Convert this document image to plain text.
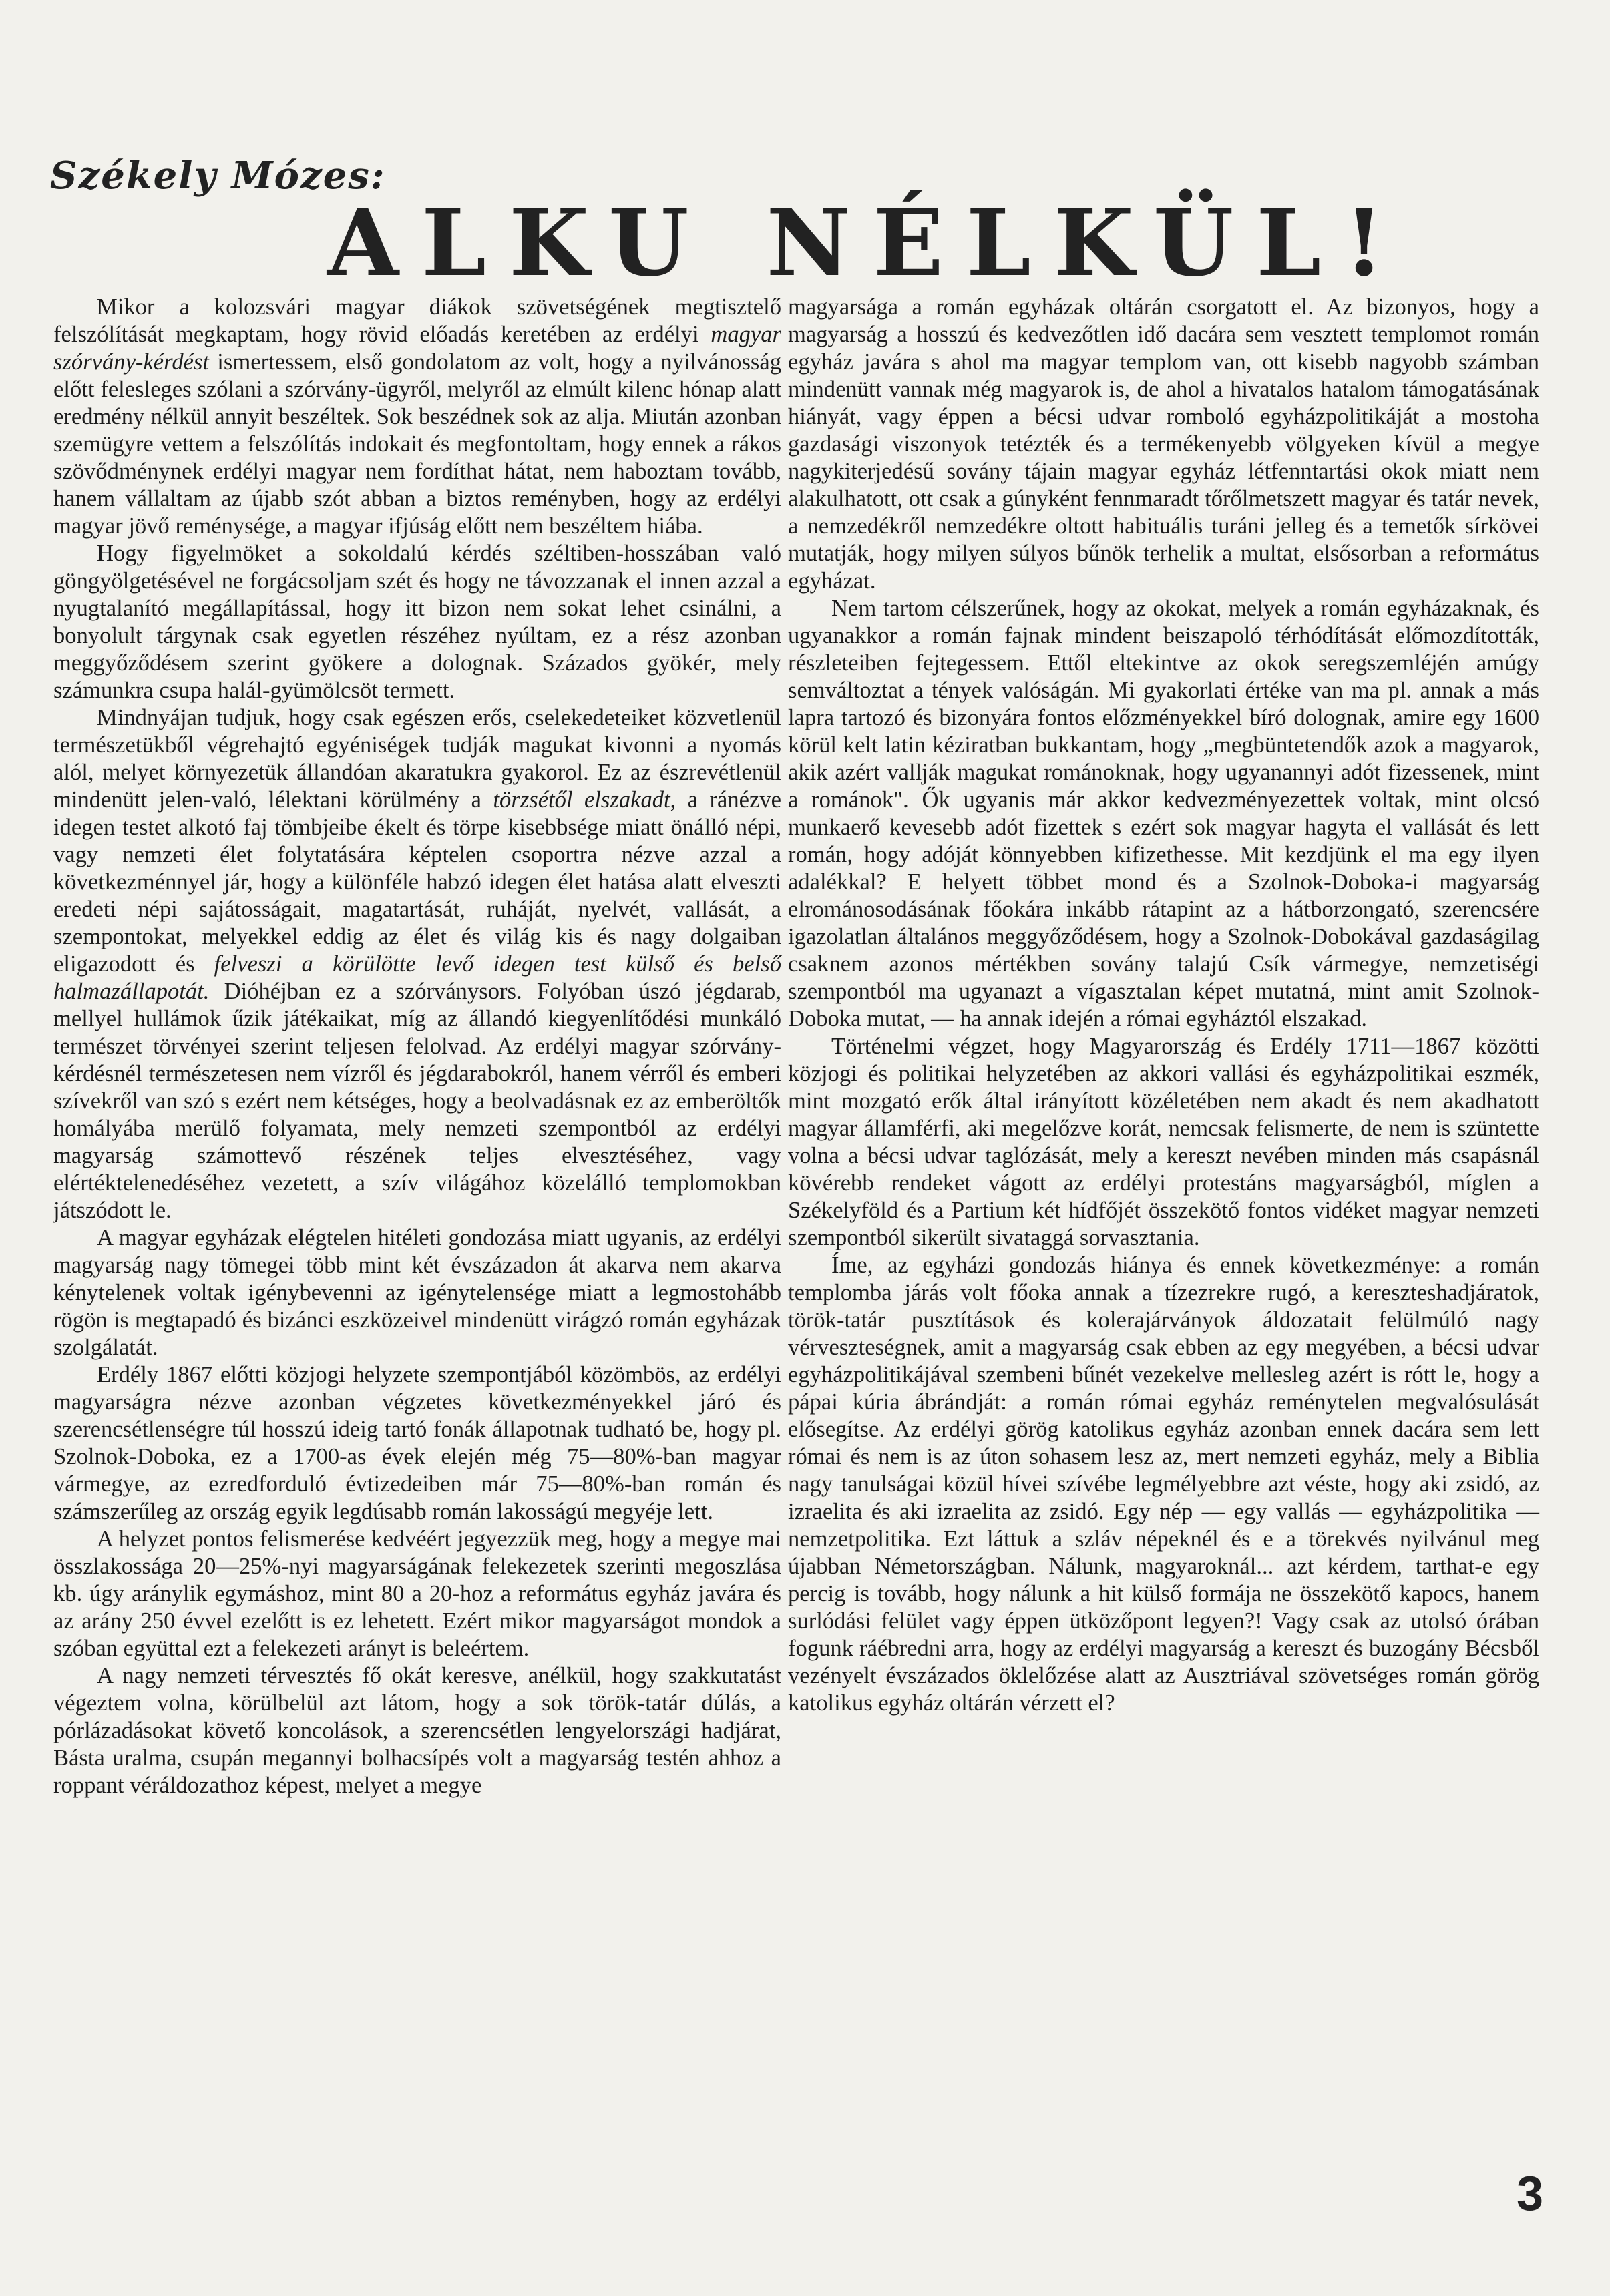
Székely Mózes:
ALKU NÉLKÜL!

Mikor a kolozsvári magyar diákok szövetségének megtisztelő felszólítását megkaptam, hogy rövid előadás keretében az erdélyi magyar szórvány-kérdést ismertessem, első gondolatom az volt, hogy a nyilvánosság előtt felesleges szólani a szórvány-ügyről, melyről az elmúlt kilenc hónap alatt eredmény nélkül annyit beszéltek. Sok beszédnek sok az alja. Miután azonban szemügyre vettem a felszólítás indokait és megfontoltam, hogy ennek a rákos szövődménynek erdélyi magyar nem fordíthat hátat, nem haboztam tovább, hanem vállaltam az újabb szót abban a biztos reményben, hogy az erdélyi magyar jövő reménysége, a magyar ifjúság előtt nem beszéltem hiába.

Hogy figyelmöket a sokoldalú kérdés széltiben-hosszában való göngyölgetésével ne forgácsoljam szét és hogy ne távozzanak el innen azzal a nyugtalanító megállapítással, hogy itt bizon nem sokat lehet csinálni, a bonyolult tárgynak csak egyetlen részéhez nyúltam, ez a rész azonban meggyőződésem szerint gyökere a dolognak. Százados gyökér, mely számunkra csupa halál-gyümölcsöt termett.

Mindnyájan tudjuk, hogy csak egészen erős, cselekedeteiket közvetlenül természetükből végrehajtó egyéniségek tudják magukat kivonni a nyomás alól, melyet környezetük állandóan akaratukra gyakorol. Ez az észrevétlenül mindenütt jelen-való, lélektani körülmény a törzsétől elszakadt, a ránézve idegen testet alkotó faj tömbjeibe ékelt és törpe kisebbsége miatt önálló népi, vagy nemzeti élet folytatására képtelen csoportra nézve azzal a következménnyel jár, hogy a különféle habzó idegen élet hatása alatt elveszti eredeti népi sajátosságait, magatartását, ruháját, nyelvét, vallását, a szempontokat, melyekkel eddig az élet és világ kis és nagy dolgaiban eligazodott és felveszi a körülötte levő idegen test külső és belső halmazállapotát. Dióhéjban ez a szórványsors. Folyóban úszó jégdarab, mellyel hullámok űzik játékaikat, míg az állandó kiegyenlítődési munkáló természet törvényei szerint teljesen felolvad. Az erdélyi magyar szórvány-kérdésnél természetesen nem vízről és jégdarabokról, hanem vérről és emberi szívekről van szó s ezért nem kétséges, hogy a beolvadásnak ez az emberöltők homályába merülő folyamata, mely nemzeti szempontból az erdélyi magyarság számottevő részének teljes elvesztéséhez, vagy elértéktelenedéséhez vezetett, a szív világához közelálló templomokban játszódott le.

A magyar egyházak elégtelen hitéleti gondozása miatt ugyanis, az erdélyi magyarság nagy tömegei több mint két évszázadon át akarva nem akarva kénytelenek voltak igénybevenni az igénytelensége miatt a legmostohább rögön is megtapadó és bizánci eszközeivel mindenütt virágzó román egyházak szolgálatát.

Erdély 1867 előtti közjogi helyzete szempontjából közömbös, az erdélyi magyarságra nézve azonban végzetes következményekkel járó és szerencsétlenségre túl hosszú ideig tartó fonák állapotnak tudható be, hogy pl. Szolnok-Doboka, ez a 1700-as évek elején még 75—80%-ban magyar vármegye, az ezredforduló évtizedeiben már 75—80%-ban román és számszerűleg az ország egyik legdúsabb román lakosságú megyéje lett.

A helyzet pontos felismerése kedvéért jegyezzük meg, hogy a megye mai összlakossága 20—25%-nyi magyarságának felekezetek szerinti megoszlása kb. úgy aránylik egymáshoz, mint 80 a 20-hoz a református egyház javára és az arány 250 évvel ezelőtt is ez lehetett. Ezért mikor magyarságot mondok a szóban együttal ezt a felekezeti arányt is beleértem.

A nagy nemzeti térvesztés fő okát keresve, anélkül, hogy szakkutatást végeztem volna, körülbelül azt látom, hogy a sok török-tatár dúlás, a pórlázadásokat követő koncolások, a szerencsétlen lengyelországi hadjárat, Básta uralma, csupán megannyi bolhacsípés volt a magyarság testén ahhoz a roppant véráldozathoz képest, melyet a megye

magyarsága a román egyházak oltárán csorgatott el. Az bizonyos, hogy a magyarság a hosszú és kedvezőtlen idő dacára sem vesztett templomot román egyház javára s ahol ma magyar templom van, ott kisebb nagyobb számban mindenütt vannak még magyarok is, de ahol a hivatalos hatalom támogatásának hiányát, vagy éppen a bécsi udvar romboló egyházpolitikáját a mostoha gazdasági viszonyok tetézték és a termékenyebb völgyeken kívül a megye nagykiterjedésű sovány tájain magyar egyház létfenntartási okok miatt nem alakulhatott, ott csak a gúnyként fennmaradt tőrőlmetszett magyar és tatár nevek, a nemzedékről nemzedékre oltott habituális turáni jelleg és a temetők sírkövei mutatják, hogy milyen súlyos bűnök terhelik a multat, elsősorban a református egyházat.

Nem tartom célszerűnek, hogy az okokat, melyek a román egyházaknak, és ugyanakkor a román fajnak mindent beiszapoló térhódítását előmozdították, részleteiben fejtegessem. Ettől eltekintve az okok seregszemléjén amúgy semváltoztat a tények valóságán. Mi gyakorlati értéke van ma pl. annak a más lapra tartozó és bizonyára fontos előzményekkel bíró dolognak, amire egy 1600 körül kelt latin kéziratban bukkantam, hogy „megbüntetendők azok a magyarok, akik azért vallják magukat románoknak, hogy ugyanannyi adót fizessenek, mint a románok". Ők ugyanis már akkor kedvezményezettek voltak, mint olcsó munkaerő kevesebb adót fizettek s ezért sok magyar hagyta el vallását és lett román, hogy adóját könnyebben kifizethesse. Mit kezdjünk el ma egy ilyen adalékkal? E helyett többet mond és a Szolnok-Doboka-i magyarság elrománosodásának főokára inkább rátapint az a hátborzongató, szerencsére igazolatlan általános meggyőződésem, hogy a Szolnok-Dobokával gazdaságilag csaknem azonos mértékben sovány talajú Csík vármegye, nemzetiségi szempontból ma ugyanazt a vígasztalan képet mutatná, mint amit Szolnok-Doboka mutat, — ha annak idején a római egyháztól elszakad.

Történelmi végzet, hogy Magyarország és Erdély 1711—1867 közötti közjogi és politikai helyzetében az akkori vallási és egyházpolitikai eszmék, mint mozgató erők által irányított közéletében nem akadt és nem akadhatott magyar államférfi, aki megelőzve korát, nemcsak felismerte, de nem is szüntette volna a bécsi udvar taglózását, mely a kereszt nevében minden más csapásnál kövérebb rendeket vágott az erdélyi protestáns magyarságból, míglen a Székelyföld és a Partium két hídfőjét összekötő fontos vidéket magyar nemzeti szempontból sikerült sivataggá sorvasztania.

Íme, az egyházi gondozás hiánya és ennek következménye: a román templomba járás volt főoka annak a tízezrekre rugó, a kereszteshadjáratok, török-tatár pusztítások és kolerajárványok áldozatait felülmúló nagy vérveszteségnek, amit a magyarság csak ebben az egy megyében, a bécsi udvar egyházpolitikájával szembeni bűnét vezekelve mellesleg azért is rótt le, hogy a pápai kúria ábrándját: a román római egyház reménytelen megvalósulását elősegítse. Az erdélyi görög katolikus egyház azonban ennek dacára sem lett római és nem is az úton sohasem lesz az, mert nemzeti egyház, mely a Biblia nagy tanulságai közül hívei szívébe legmélyebbre azt véste, hogy aki zsidó, az izraelita és aki izraelita az zsidó. Egy nép — egy vallás — egyházpolitika — nemzetpolitika. Ezt láttuk a szláv népeknél és e a törekvés nyilvánul meg újabban Németországban. Nálunk, magyaroknál... azt kérdem, tarthat-e egy percig is tovább, hogy nálunk a hit külső formája ne összekötő kapocs, hanem surlódási felület vagy éppen ütközőpont legyen?! Vagy csak az utolsó órában fogunk ráébredni arra, hogy az erdélyi magyarság a kereszt és buzogány Bécsből vezényelt évszázados öklelőzése alatt az Ausztriával szövetséges román görög katolikus egyház oltárán vérzett el?

3
